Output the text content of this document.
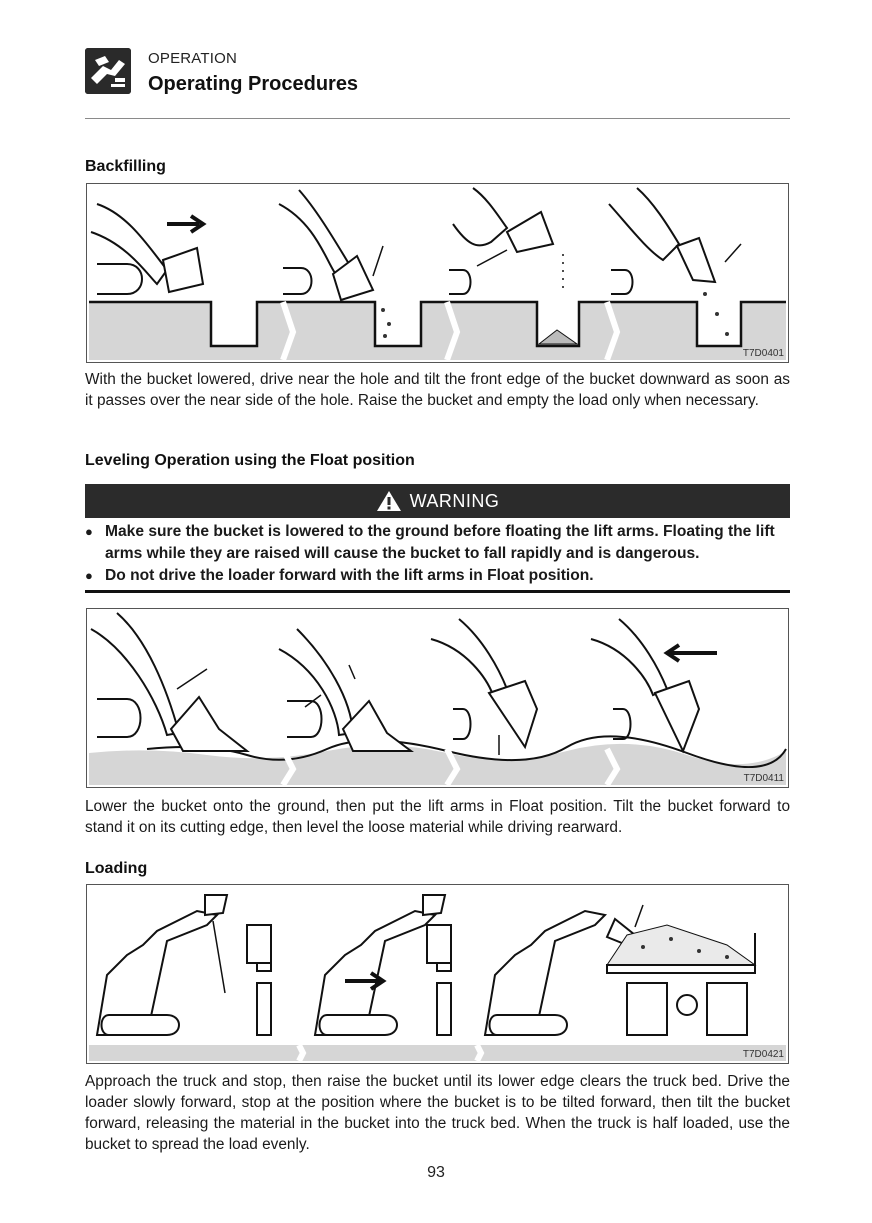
OPERATION
Operating Procedures
Backfilling
T7D0401
With the bucket lowered, drive near the hole and tilt the front edge of the bucket downward as soon as it passes over the near side of the hole. Raise the bucket and empty the load only when necessary.
Leveling Operation using the Float position
WARNING
● Make sure the bucket is lowered to the ground before floating the lift arms. Floating the lift arms while they are raised will cause the bucket to fall rapidly and is dangerous.
● Do not drive the loader forward with the lift arms in Float position.
T7D0411
Lower the bucket onto the ground, then put the lift arms in Float position. Tilt the bucket forward to stand it on its cutting edge, then level the loose material while driving rearward.
Loading
T7D0421
Approach the truck and stop, then raise the bucket until its lower edge clears the truck bed. Drive the loader slowly forward, stop at the position where the bucket is to be tilted forward, then tilt the bucket forward, releasing the material in the bucket into the truck bed. When the truck is half loaded, use the bucket to spread the load evenly.
93
